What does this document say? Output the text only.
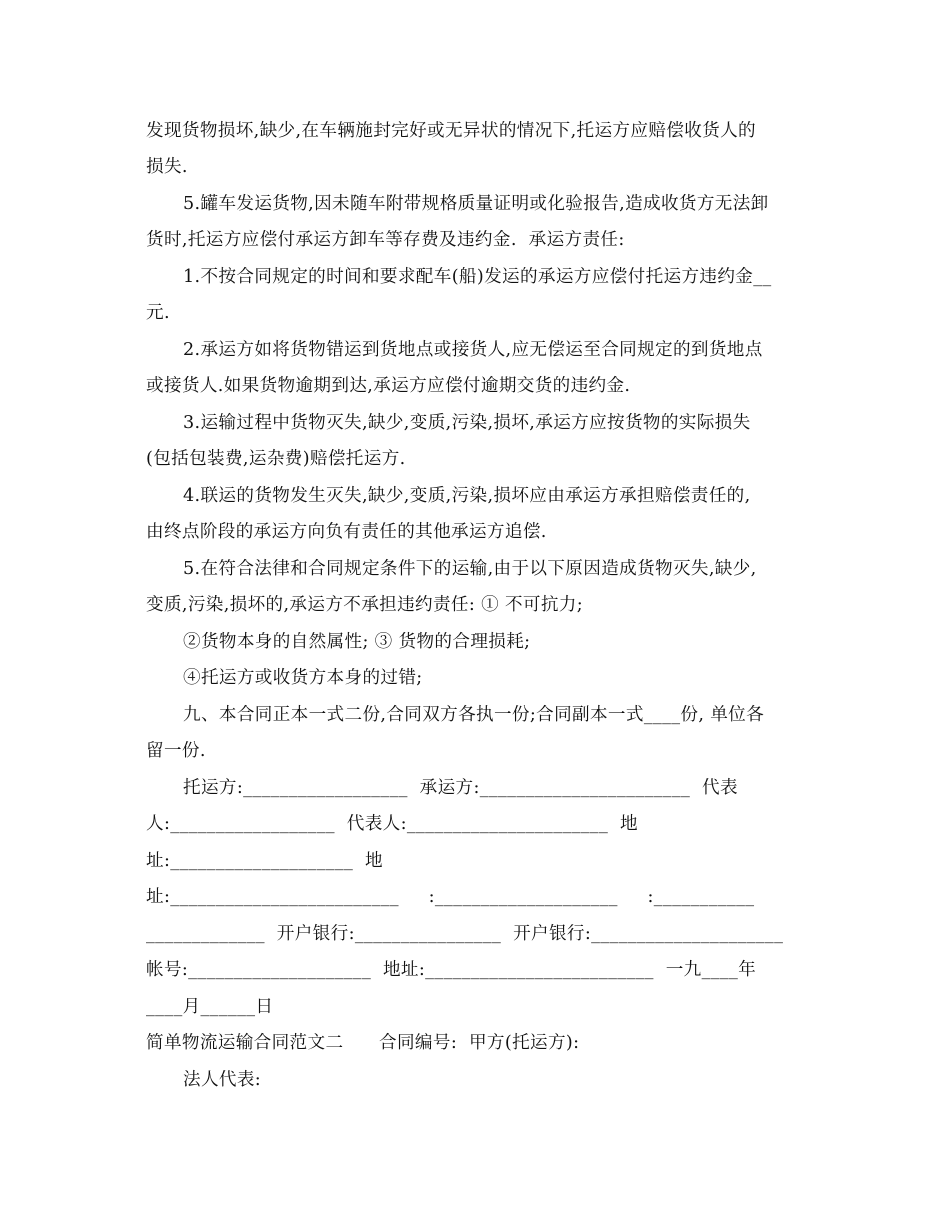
发现货物损坏,缺少,在车辆施封完好或无异状的情况下,托运方应赔偿收货人的
损失.
5.罐车发运货物,因未随车附带规格质量证明或化验报告,造成收货方无法卸
货时,托运方应偿付承运方卸车等存费及违约金.  承运方责任:
1.不按合同规定的时间和要求配车(船)发运的承运方应偿付托运方违约金__
元.
2.承运方如将货物错运到货地点或接货人,应无偿运至合同规定的到货地点
或接货人.如果货物逾期到达,承运方应偿付逾期交货的违约金.
3.运输过程中货物灭失,缺少,变质,污染,损坏,承运方应按货物的实际损失
(包括包装费,运杂费)赔偿托运方.
4.联运的货物发生灭失,缺少,变质,污染,损坏应由承运方承担赔偿责任的,
由终点阶段的承运方向负有责任的其他承运方追偿.
5.在符合法律和合同规定条件下的运输,由于以下原因造成货物灭失,缺少,
变质,污染,损坏的,承运方不承担违约责任: ① 不可抗力;
②货物本身的自然属性; ③ 货物的合理损耗;
④托运方或收货方本身的过错;
九、本合同正本一式二份,合同双方各执一份;合同副本一式____份, 单位各
留一份.
托运方:__________________  承运方:_______________________  代表
人:__________________  代表人:______________________  地
址:____________________  地
址:_________________________     :____________________     :___________
_____________  开户银行:________________  开户银行:_____________________
帐号:____________________  地址:_________________________  一九____年
____月______日
简单物流运输合同范文二      合同编号:  甲方(托运方):
法人代表:
